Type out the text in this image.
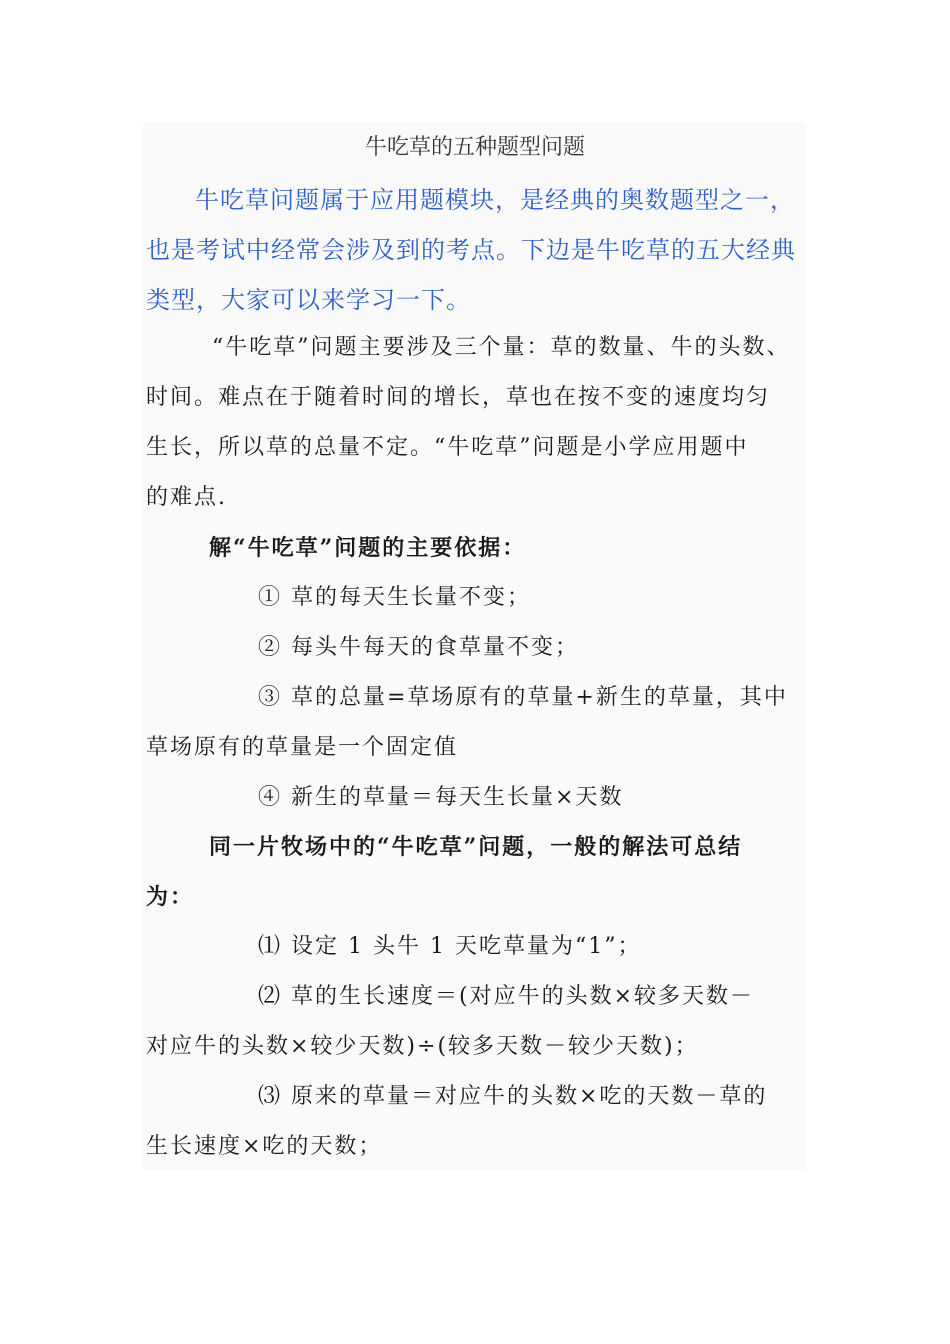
牛吃草的五种题型问题
牛吃草问题属于应用题模块，是经典的奥数题型之一，
也是考试中经常会涉及到的考点。下边是牛吃草的五大经典
类型，大家可以来学习一下。
“牛吃草”问题主要涉及三个量：草的数量、牛的头数、
时间。难点在于随着时间的增长，草也在按不变的速度均匀
生长，所以草的总量不定。“牛吃草”问题是小学应用题中
的难点.
解“牛吃草”问题的主要依据：
① 草的每天生长量不变；
② 每头牛每天的食草量不变；
③ 草的总量=草场原有的草量+新生的草量，其中
草场原有的草量是一个固定值
④ 新生的草量＝每天生长量×天数
同一片牧场中的“牛吃草”问题，一般的解法可总结
为：
⑴ 设定 1 头牛 1 天吃草量为“1”；
⑵ 草的生长速度＝(对应牛的头数×较多天数－
对应牛的头数×较少天数)÷(较多天数－较少天数)；
⑶ 原来的草量＝对应牛的头数×吃的天数－草的
生长速度×吃的天数；
